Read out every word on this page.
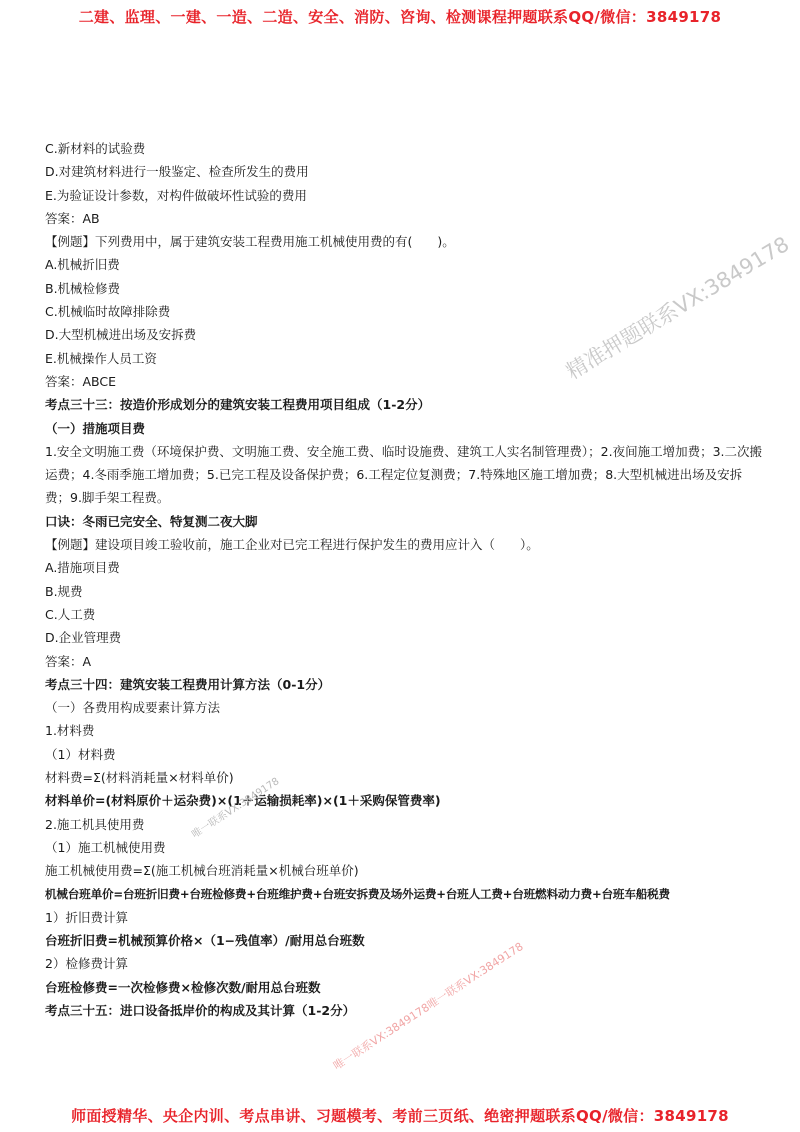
二建、监理、一建、一造、二造、安全、消防、咨询、检测课程押题联系QQ/微信：3849178

C.新材料的试验费

D.对建筑材料进行一般鉴定、检查所发生的费用

E.为验证设计参数，对构件做破坏性试验的费用

答案：AB

【例题】下列费用中，属于建筑安装工程费用施工机械使用费的有(　　)。

A.机械折旧费

B.机械检修费

C.机械临时故障排除费

D.大型机械进出场及安拆费

E.机械操作人员工资

答案：ABCE

考点三十三：按造价形成划分的建筑安装工程费用项目组成（1-2分）

（一）措施项目费

1.安全文明施工费（环境保护费、文明施工费、安全施工费、临时设施费、建筑工人实名制管理费）；2.夜间施工增加费；3.二次搬运费；4.冬雨季施工增加费；5.已完工程及设备保护费；6.工程定位复测费；7.特殊地区施工增加费；8.大型机械进出场及安拆费；9.脚手架工程费。

口诀：冬雨已完安全、特复测二夜大脚

【例题】建设项目竣工验收前，施工企业对已完工程进行保护发生的费用应计入（　　）。

A.措施项目费

B.规费

C.人工费

D.企业管理费

答案：A

考点三十四：建筑安装工程费用计算方法（0-1分）

（一）各费用构成要素计算方法

1.材料费

（1）材料费

材料费=Σ(材料消耗量×材料单价)

材料单价=(材料原价＋运杂费)×(1＋运输损耗率)×(1＋采购保管费率)

2.施工机具使用费

（1）施工机械使用费

施工机械使用费=Σ(施工机械台班消耗量×机械台班单价)

机械台班单价=台班折旧费+台班检修费+台班维护费+台班安拆费及场外运费+台班人工费+台班燃料动力费+台班车船税费

1）折旧费计算

台班折旧费=机械预算价格×（1−残值率）/耐用总台班数

2）检修费计算

台班检修费=一次检修费×检修次数/耐用总台班数

考点三十五：进口设备抵岸价的构成及其计算（1-2分）

精准押题联系VX:3849178
唯一联系VX:3849178
唯一联系VX:3849178唯一联系VX:3849178
师面授精华、央企内训、考点串讲、习题模考、考前三页纸、绝密押题联系QQ/微信：3849178
